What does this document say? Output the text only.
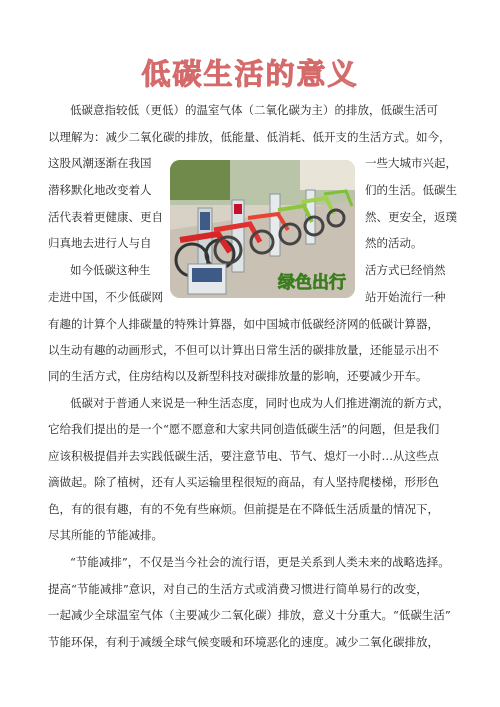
低碳生活的意义
低碳意指较低（更低）的温室气体（二氧化碳为主）的排放，低碳生活可
以理解为：减少二氧化碳的排放，低能量、低消耗、低开支的生活方式。如今，
这股风潮逐渐在我国	一些大城市兴起，
潜移默化地改变着人	们的生活。低碳生
活代表着更健康、更自	然、更安全，返璞
归真地去进行人与自	然的活动。
如今低碳这种生	活方式已经悄然
走进中国，不少低碳网	站开始流行一种
有趣的计算个人排碳量的特殊计算器，如中国城市低碳经济网的低碳计算器，
以生动有趣的动画形式，不但可以计算出日常生活的碳排放量，还能显示出不
同的生活方式，住房结构以及新型科技对碳排放量的影响，还要减少开车。
低碳对于普通人来说是一种生活态度，同时也成为人们推进潮流的新方式，
它给我们提出的是一个“愿不愿意和大家共同创造低碳生活”的问题，但是我们
应该积极提倡并去实践低碳生活，要注意节电、节气、熄灯一小时…从这些点
滴做起。除了植树，还有人买运输里程很短的商品，有人坚持爬楼梯，形形色
色，有的很有趣，有的不免有些麻烦。但前提是在不降低生活质量的情况下，
尽其所能的节能减排。
“节能减排”，不仅是当今社会的流行语，更是关系到人类未来的战略选择。
提高“节能减排”意识，对自己的生活方式或消费习惯进行简单易行的改变，
一起减少全球温室气体（主要减少二氧化碳）排放，意义十分重大。“低碳生活”
节能环保，有利于减缓全球气候变暖和环境恶化的速度。减少二氧化碳排放，
绿色出行
